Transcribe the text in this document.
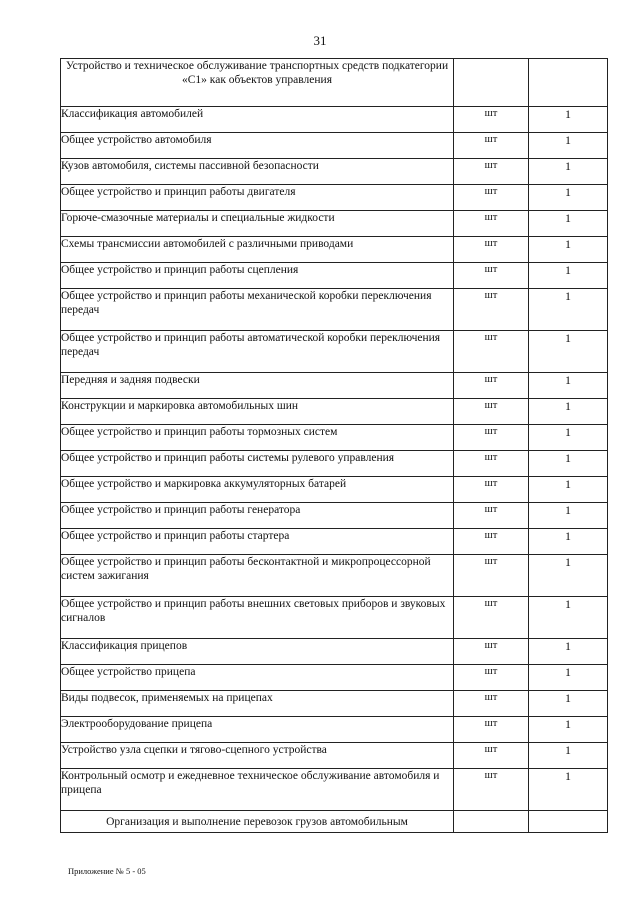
31
Устройство и техническое обслуживание транспортных средств подкатегории «С1» как объектов управления		
Классификация автомобилей	шт	1
Общее устройство автомобиля	шт	1
Кузов автомобиля, системы пассивной безопасности	шт	1
Общее устройство и принцип работы двигателя	шт	1
Горюче-смазочные материалы и специальные жидкости	шт	1
Схемы трансмиссии автомобилей с различными приводами	шт	1
Общее устройство и принцип работы сцепления	шт	1
Общее устройство и принцип работы механической коробки переключения передач	шт	1
Общее устройство и принцип работы автоматической коробки переключения передач	шт	1
Передняя и задняя подвески	шт	1
Конструкции и маркировка автомобильных шин	шт	1
Общее устройство и принцип работы тормозных систем	шт	1
Общее устройство и принцип работы системы рулевого управления	шт	1
Общее устройство и маркировка аккумуляторных батарей	шт	1
Общее устройство и принцип работы генератора	шт	1
Общее устройство и принцип работы стартера	шт	1
Общее устройство и принцип работы бесконтактной и микропроцессорной систем зажигания	шт	1
Общее устройство и принцип работы внешних световых приборов и звуковых сигналов	шт	1
Классификация прицепов	шт	1
Общее устройство прицепа	шт	1
Виды подвесок, применяемых на прицепах	шт	1
Электрооборудование прицепа	шт	1
Устройство узла сцепки и тягово-сцепного устройства	шт	1
Контрольный осмотр и ежедневное техническое обслуживание автомобиля и прицепа	шт	1
Организация и выполнение перевозок грузов автомобильным		
Приложение № 5 - 05
